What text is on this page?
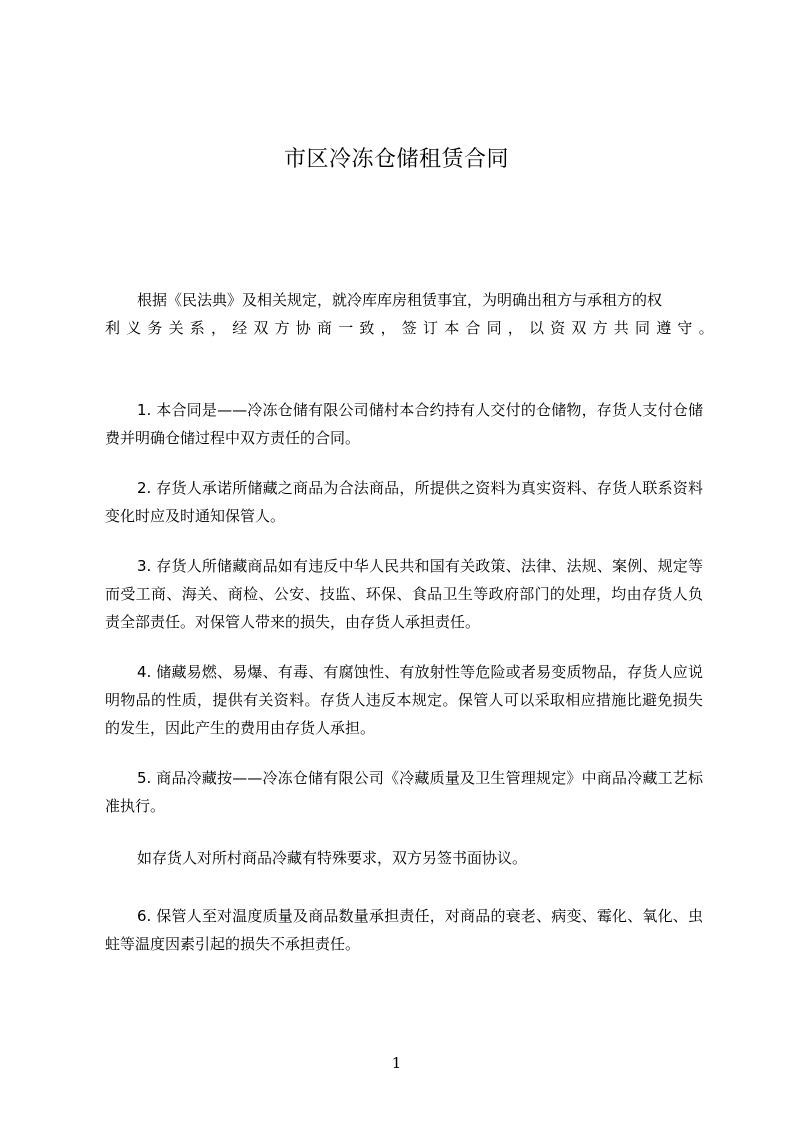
市区冷冻仓储租赁合同
根据《民法典》及相关规定，就冷库库房租赁事宜，为明确出租方与承租方的权
利义务关系，经双方协商一致，签订本合同，以资双方共同遵守。

1. 本合同是——冷冻仓储有限公司储村本合约持有人交付的仓储物，存货人支付仓储费并明确仓储过程中双方责任的合同。

2. 存货人承诺所储藏之商品为合法商品，所提供之资料为真实资料、存货人联系资料变化时应及时通知保管人。

3. 存货人所储藏商品如有违反中华人民共和国有关政策、法律、法规、案例、规定等而受工商、海关、商检、公安、技监、环保、食品卫生等政府部门的处理，均由存货人负责全部责任。对保管人带来的损失，由存货人承担责任。

4. 储藏易燃、易爆、有毒、有腐蚀性、有放射性等危险或者易变质物品，存货人应说明物品的性质，提供有关资料。存货人违反本规定。保管人可以采取相应措施比避免损失的发生，因此产生的费用由存货人承担。

5. 商品冷藏按——冷冻仓储有限公司《冷藏质量及卫生管理规定》中商品冷藏工艺标准执行。

如存货人对所村商品冷藏有特殊要求，双方另签书面协议。

6. 保管人至对温度质量及商品数量承担责任，对商品的衰老、病变、霉化、氧化、虫蛀等温度因素引起的损失不承担责任。

1
